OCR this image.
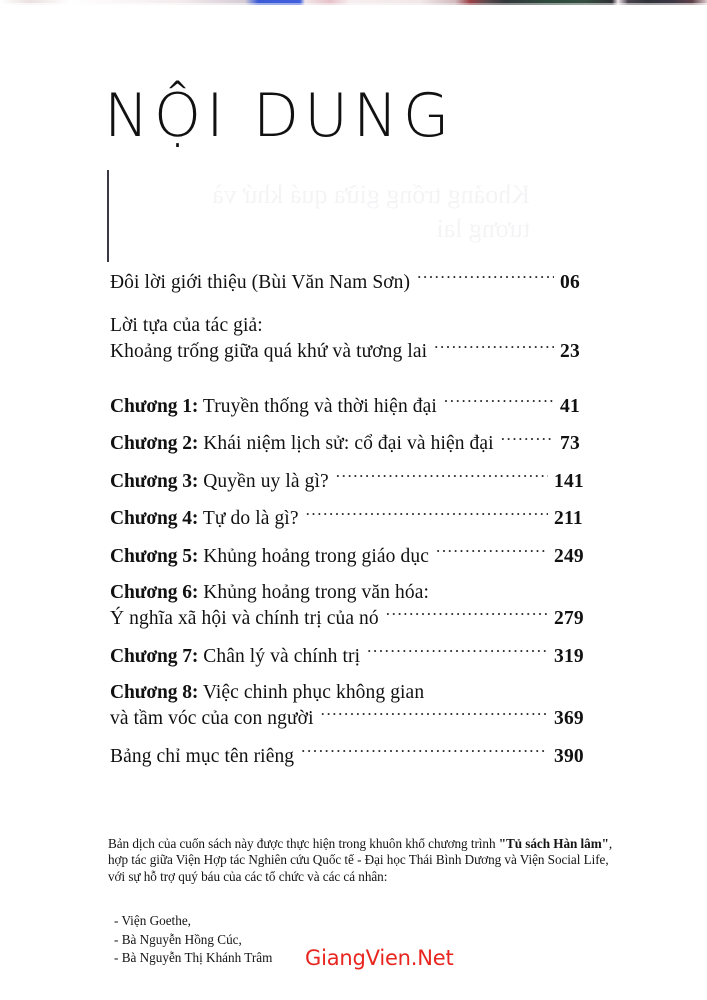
NỘI DUNG
Đôi lời giới thiệu (Bùi Văn Nam Sơn) .....	06
Lời tựa của tác giả:
Khoảng trống giữa quá khứ và tương lai .....	23
Chương 1: Truyền thống và thời hiện đại .....	41
Chương 2: Khái niệm lịch sử: cổ đại và hiện đại .....	73
Chương 3: Quyền uy là gì? .....	141
Chương 4: Tự do là gì? .....	211
Chương 5: Khủng hoảng trong giáo dục .....	249
Chương 6: Khủng hoảng trong văn hóa:
Ý nghĩa xã hội và chính trị của nó .....	279
Chương 7: Chân lý và chính trị .....	319
Chương 8: Việc chinh phục không gian
và tầm vóc của con người .....	369
Bảng chỉ mục tên riêng .....	390
Bản dịch của cuốn sách này được thực hiện trong khuôn khổ chương trình "Tủ sách Hàn lâm", hợp tác giữa Viện Hợp tác Nghiên cứu Quốc tế - Đại học Thái Bình Dương và Viện Social Life, với sự hỗ trợ quý báu của các tổ chức và các cá nhân:
- Viện Goethe,
- Bà Nguyễn Hồng Cúc,
- Bà Nguyễn Thị Khánh Trâm	GiangVien.Net
